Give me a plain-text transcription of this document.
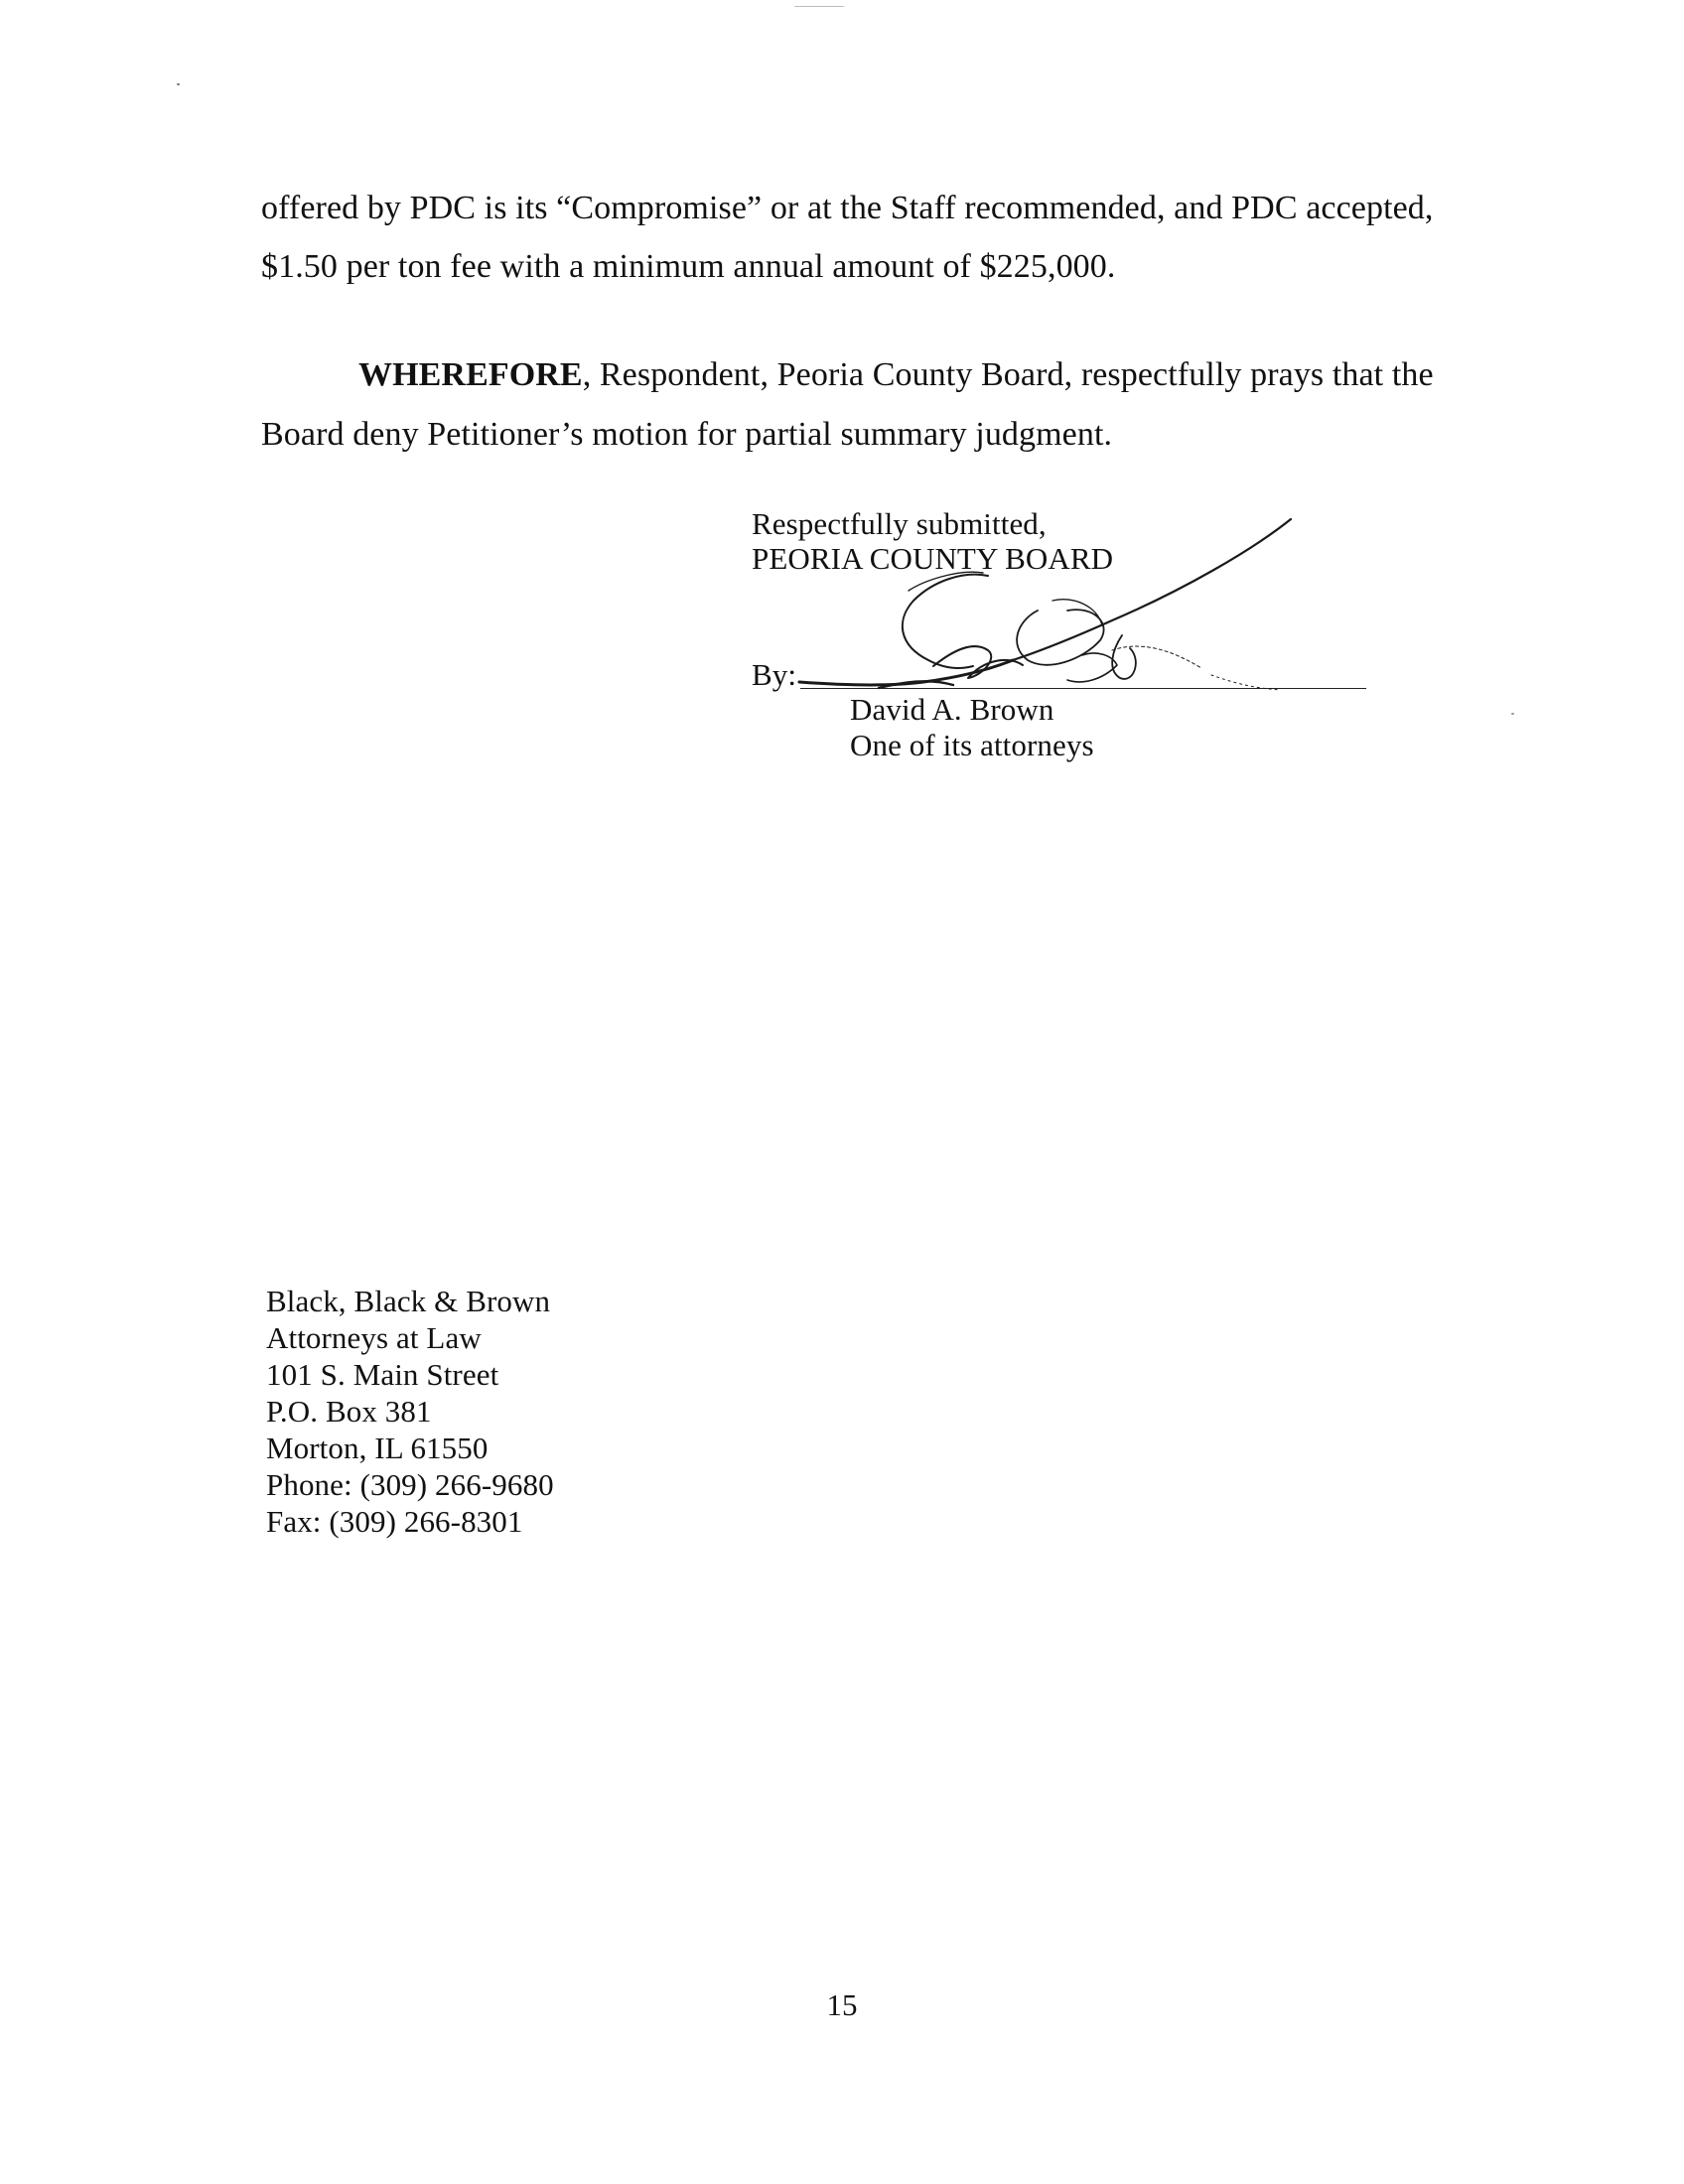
offered by PDC is its “Compromise” or at the Staff recommended, and PDC accepted,
$1.50 per ton fee with a minimum annual amount of $225,000.
WHEREFORE, Respondent, Peoria County Board, respectfully prays that the
Board deny Petitioner’s motion for partial summary judgment.
Respectfully submitted,
PEORIA COUNTY BOARD
By:
David A. Brown
One of its attorneys
Black, Black & Brown
Attorneys at Law
101 S. Main Street
P.O. Box 381
Morton, IL 61550
Phone: (309) 266-9680
Fax: (309) 266-8301
15
